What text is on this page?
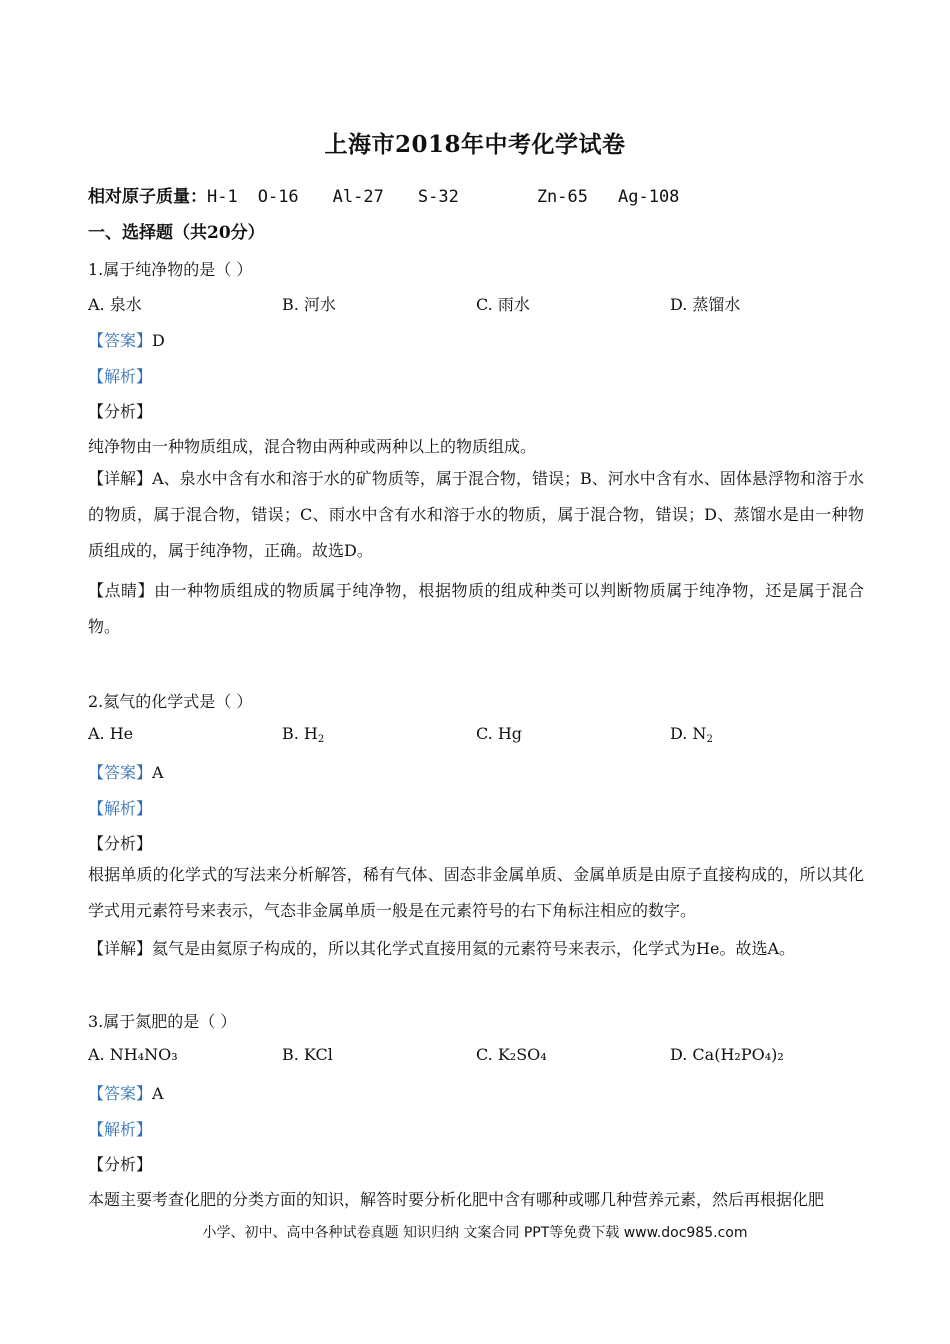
上海市2018年中考化学试卷
相对原子质量：H-1 O-16 Al-27 S-32	Zn-65 Ag-108
一、选择题（共20分）
1.属于纯净物的是（ ）
A. 泉水	B. 河水	C. 雨水	D. 蒸馏水
【答案】D
【解析】
【分析】
纯净物由一种物质组成，混合物由两种或两种以上的物质组成。
【详解】A、泉水中含有水和溶于水的矿物质等，属于混合物，错误；B、河水中含有水、固体悬浮物和溶于水的物质，属于混合物，错误；C、雨水中含有水和溶于水的物质，属于混合物，错误；D、蒸馏水是由一种物质组成的，属于纯净物，正确。故选D。
【点睛】由一种物质组成的物质属于纯净物，根据物质的组成种类可以判断物质属于纯净物，还是属于混合物。
2.氦气的化学式是（ ）
A. He	B. $H_2$	C. Hg	D. $N_2$
【答案】A
【解析】
【分析】
根据单质的化学式的写法来分析解答，稀有气体、固态非金属单质、金属单质是由原子直接构成的，所以其化学式用元素符号来表示，气态非金属单质一般是在元素符号的右下角标注相应的数字。
【详解】氦气是由氦原子构成的，所以其化学式直接用氦的元素符号来表示，化学式为He。故选A。
3.属于氮肥的是（ ）
A. NH₄NO₃	B. KCl	C. K₂SO₄	D. Ca(H₂PO₄)₂
【答案】A
【解析】
【分析】
本题主要考查化肥的分类方面的知识，解答时要分析化肥中含有哪种或哪几种营养元素，然后再根据化肥
小学、初中、高中各种试卷真题 知识归纳 文案合同 PPT等免费下载 www.doc985.com
